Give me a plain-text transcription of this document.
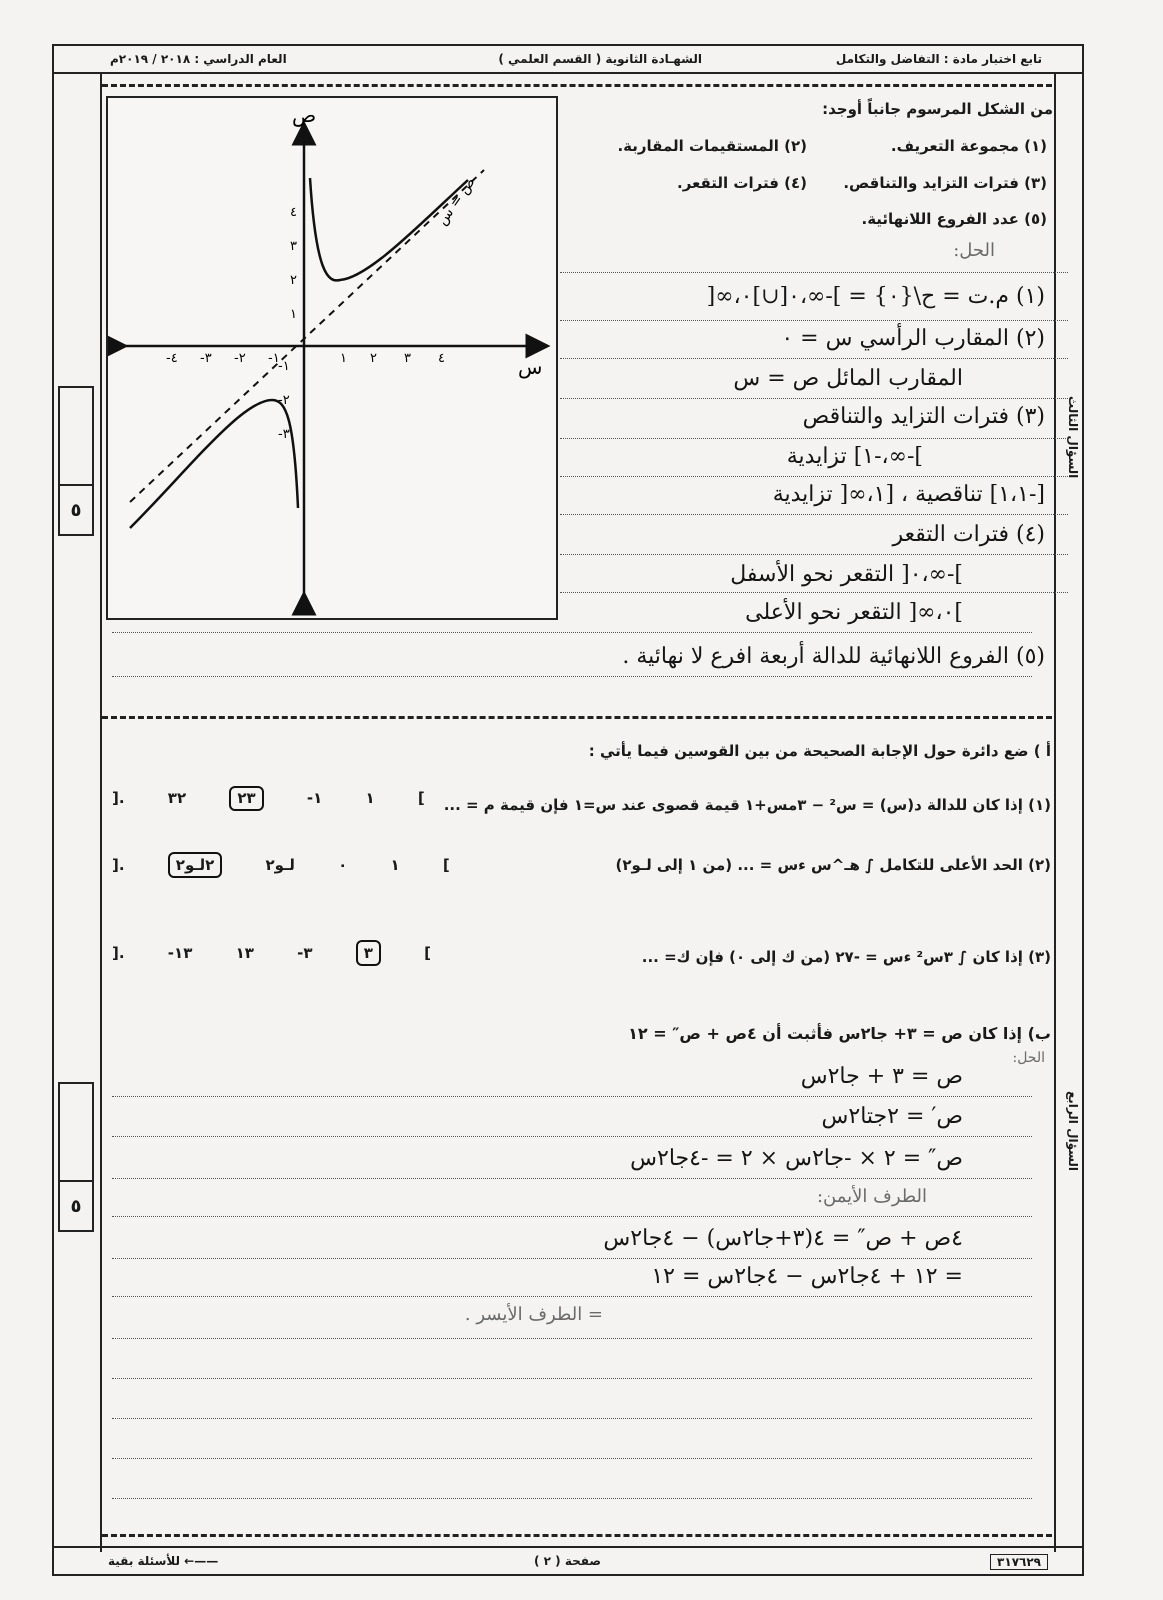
تابع اختبار مادة : التفاضل والتكامل
الشهـادة الثانوية ( القسم العلمي )
العام الدراسي : ٢٠١٨ / ٢٠١٩م
٥
٥
السؤال الثالث
السؤال الرابع
٣١٧٦٢٩
صفحة ( ٢ )
للأسئلة بقية ←——
من الشكل المرسوم جانباً أوجد:
(١) مجموعة التعريف.
(٢) المستقيمات المقاربة.
(٣) فترات التزايد والتناقص.
(٤) فترات التقعر.
(٥) عدد الفروع اللانهائية.
الحل:
(١) م.ت = ح\{٠} = ]-∞،٠[∪]٠،∞[
(٢) المقارب الرأسي س = ٠
المقارب المائل ص = س
(٣) فترات التزايد والتناقص
]-∞،-١] تزايدية
[-١،١] تناقصية ، [١،∞[ تزايدية
(٤) فترات التقعر
]-∞،٠[ التقعر نحو الأسفل
]٠،∞[ التقعر نحو الأعلى
(٥) الفروع اللانهائية للدالة أربعة افرع لا نهائية .
ص
س
ص = س
١ ٢ ٣ ٤
-١
-٢
-٣
-٤
١
٢
٣
٤
-١
-٢
-٣
أ ) ضع دائرة حول الإجابة الصحيحة من بين القوسين فيما يأتي :
(١) إذا كان للدالة د(س) = س² − ٣مس+١ قيمة قصوى عند س=١ فإن قيمة م = ...
].	٣٢	٢٣	-١	١	[
(٢) الحد الأعلى للتكامل ∫ هـ^س ءس = ... (من ١ إلى لـو٢)
].	٢لـو٢	لـو٢	٠	١	[
(٣) إذا كان ∫ ٣س² ءس = -٢٧ (من ك إلى ٠) فإن ك= ...
].	-١٣	١٣	-٣	٣	[
ب) إذا كان ص = ٣+ جا٢س فأثبت أن ٤ص + ص″ = ١٢
الحل:
ص = ٣ + جا٢س
ص′ = ٢جتا٢س
ص″ = ٢ × -جا٢س × ٢ = -٤جا٢س
الطرف الأيمن:
٤ص + ص″ = ٤(٣+جا٢س) − ٤جا٢س
= ١٢ + ٤جا٢س − ٤جا٢س = ١٢
= الطرف الأيسر .
